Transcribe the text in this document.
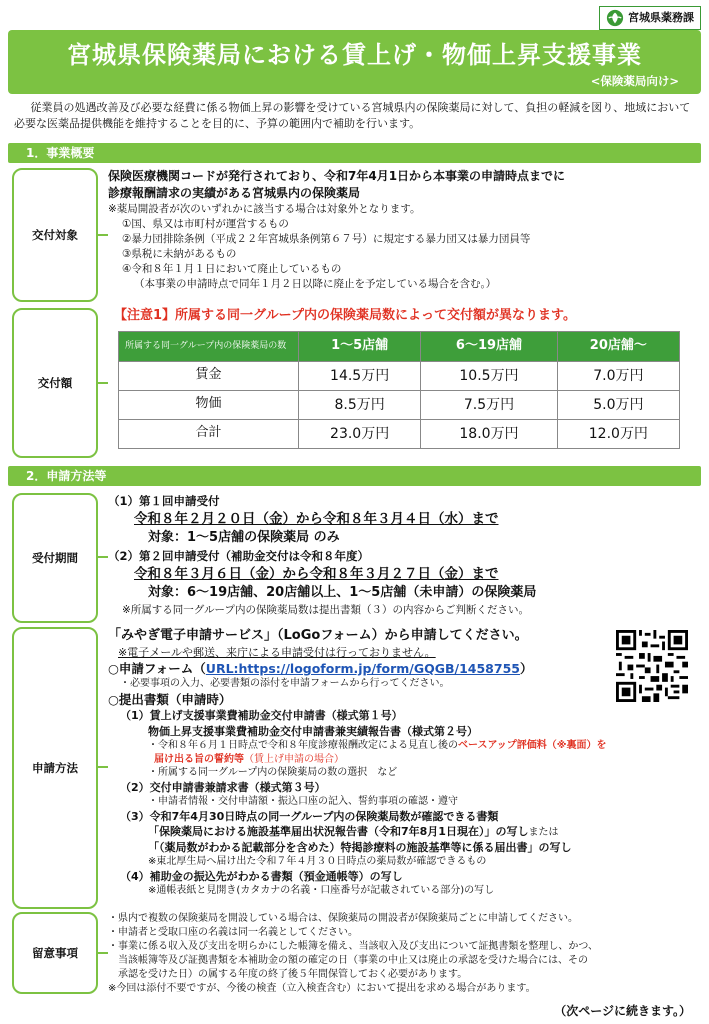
宮城県薬務課
宮城県保険薬局における賃上げ・物価上昇支援事業
<保険薬局向け>
従業員の処遇改善及び必要な経費に係る物価上昇の影響を受けている宮城県内の保険薬局に対して、負担の軽減を図り、地域において必要な医薬品提供機能を維持することを目的に、予算の範囲内で補助を行います。
1．事業概要
交付対象
保険医療機関コードが発行されており、令和7年4月1日から本事業の申請時点までに
診療報酬請求の実績がある宮城県内の保険薬局
※薬局開設者が次のいずれかに該当する場合は対象外となります。
①国、県又は市町村が運営するもの
②暴力団排除条例（平成２２年宮城県条例第６７号）に規定する暴力団又は暴力団員等
③県税に未納があるもの
④令和８年１月１日において廃止しているもの
（本事業の申請時点で同年１月２日以降に廃止を予定している場合を含む。）
交付額
【注意1】所属する同一グループ内の保険薬局数によって交付額が異なります。
所属する同一グループ内の保険薬局の数	1～5店舗	6～19店舗	20店舗～
賃金	14.5万円	10.5万円	7.0万円
物価	8.5万円	7.5万円	5.0万円
合計	23.0万円	18.0万円	12.0万円
2．申請方法等
受付期間
（1）第１回申請受付
令和８年２月２０日（金）から令和８年３月４日（水）まで
対象：1～5店舗の保険薬局 のみ
（2）第２回申請受付（補助金交付は令和８年度）
令和８年３月６日（金）から令和８年３月２７日（金）まで
対象：6～19店舗、20店舗以上、1～5店舗（未申請）の保険薬局
※所属する同一グループ内の保険薬局数は提出書類（３）の内容からご判断ください。
申請方法
「みやぎ電子申請サービス」（LoGoフォーム）から申請してください。
※電子メールや郵送、来庁による申請受付は行っておりません。
○申請フォーム（URL:https://logoform.jp/form/GQGB/1458755）
・必要事項の入力、必要書類の添付を申請フォームから行ってください。
○提出書類（申請時）
（1）賃上げ支援事業費補助金交付申請書（様式第１号）
物価上昇支援事業費補助金交付申請書兼実績報告書（様式第２号）
・令和８年６月１日時点で令和８年度診療報酬改定による見直し後のベースアップ評価料（※裏面）を
届け出る旨の誓約等（賃上げ申請の場合）
・所属する同一グループ内の保険薬局の数の選択　など
（2）交付申請書兼請求書（様式第３号）
・申請者情報・交付申請額・振込口座の記入、誓約事項の確認・遵守
（3）令和7年4月30日時点の同一グループ内の保険薬局数が確認できる書類
「保険薬局における施設基準届出状況報告書（令和7年8月1日現在）」の写しまたは
「（薬局数がわかる記載部分を含めた）特掲診療料の施設基準等に係る届出書」の写し
※東北厚生局へ届け出た令和７年４月３０日時点の薬局数が確認できるもの
（4）補助金の振込先がわかる書類（預金通帳等）の写し
※通帳表紙と見開き(カタカナの名義・口座番号が記載されている部分)の写し
留意事項
・県内で複数の保険薬局を開設している場合は、保険薬局の開設者が保険薬局ごとに申請してください。
・申請者と受取口座の名義は同一名義としてください。
・事業に係る収入及び支出を明らかにした帳簿を備え、当該収入及び支出について証拠書類を整理し、かつ、
当該帳簿等及び証拠書類を本補助金の額の確定の日（事業の中止又は廃止の承認を受けた場合には、その
承認を受けた日）の属する年度の終了後５年間保管しておく必要があります。
※今回は添付不要ですが、今後の検査（立入検査含む）において提出を求める場合があります。
（次ページに続きます。）
